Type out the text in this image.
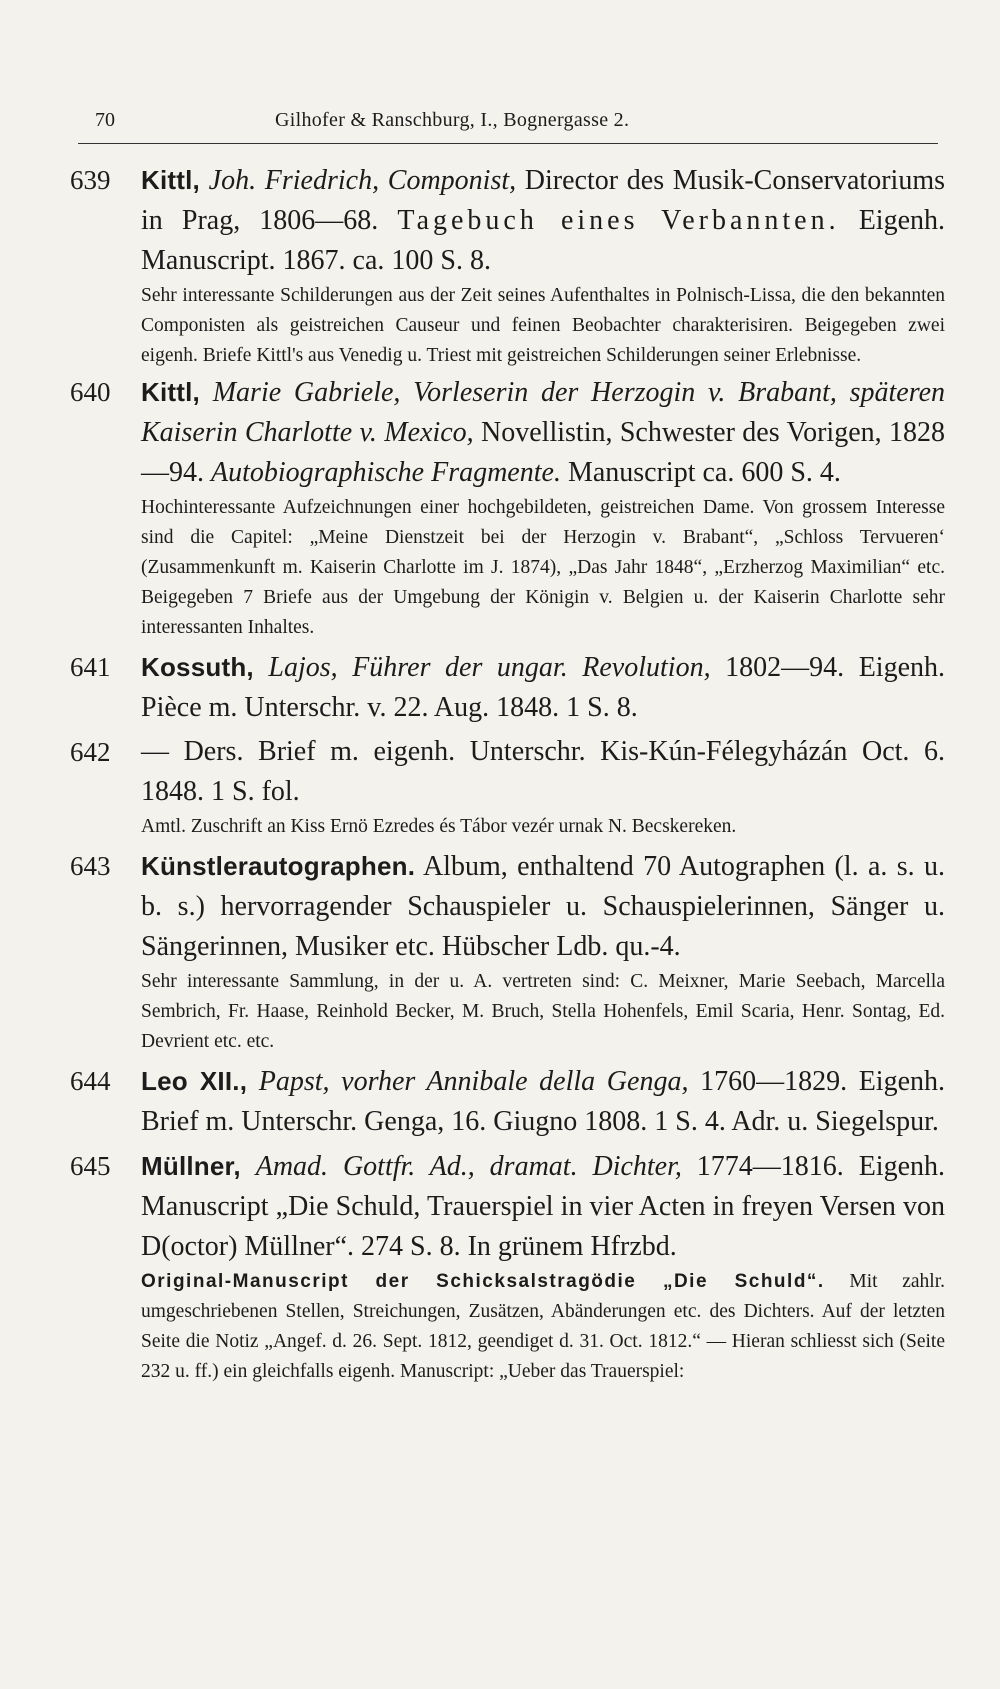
70	Gilhofer & Ranschburg, I., Bognergasse 2.
639	Kittl, Joh. Friedrich, Componist, Director des Musik-Conservatoriums in Prag, 1806—68. Tagebuch eines Verbannten. Eigenh. Manuscript. 1867. ca. 100 S. 8.
Sehr interessante Schilderungen aus der Zeit seines Aufenthaltes in Polnisch-Lissa, die den bekannten Componisten als geistreichen Causeur und feinen Beobachter charakterisiren. Beigegeben zwei eigenh. Briefe Kittl's aus Venedig u. Triest mit geistreichen Schilderungen seiner Erlebnisse.
640	Kittl, Marie Gabriele, Vorleserin der Herzogin v. Brabant, späteren Kaiserin Charlotte v. Mexico, Novellistin, Schwester des Vorigen, 1828—94. Autobiographische Fragmente. Manuscript ca. 600 S. 4.
Hochinteressante Aufzeichnungen einer hochgebildeten, geistreichen Dame. Von grossem Interesse sind die Capitel: „Meine Dienstzeit bei der Herzogin v. Brabant“, „Schloss Tervueren‘ (Zusammenkunft m. Kaiserin Charlotte im J. 1874), „Das Jahr 1848“, „Erzherzog Maximilian“ etc. Beigegeben 7 Briefe aus der Umgebung der Königin v. Belgien u. der Kaiserin Charlotte sehr interessanten Inhaltes.
641	Kossuth, Lajos, Führer der ungar. Revolution, 1802—94. Eigenh. Pièce m. Unterschr. v. 22. Aug. 1848. 1 S. 8.
642	— Ders. Brief m. eigenh. Unterschr. Kis-Kún-Félegyházán Oct. 6. 1848. 1 S. fol.
Amtl. Zuschrift an Kiss Ernö Ezredes és Tábor vezér urnak N. Becskereken.
643	Künstlerautographen. Album, enthaltend 70 Autographen (l. a. s. u. b. s.) hervorragender Schauspieler u. Schauspielerinnen, Sänger u. Sängerinnen, Musiker etc. Hübscher Ldb. qu.-4.
Sehr interessante Sammlung, in der u. A. vertreten sind: C. Meixner, Marie Seebach, Marcella Sembrich, Fr. Haase, Reinhold Becker, M. Bruch, Stella Hohenfels, Emil Scaria, Henr. Sontag, Ed. Devrient etc. etc.
644	Leo XII., Papst, vorher Annibale della Genga, 1760—1829. Eigenh. Brief m. Unterschr. Genga, 16. Giugno 1808. 1 S. 4. Adr. u. Siegelspur.
645	Müllner, Amad. Gottfr. Ad., dramat. Dichter, 1774—1816. Eigenh. Manuscript „Die Schuld, Trauerspiel in vier Acten in freyen Versen von D(octor) Müllner“. 274 S. 8. In grünem Hfrzbd.
Original-Manuscript der Schicksalstragödie „Die Schuld“. Mit zahlr. umgeschriebenen Stellen, Streichungen, Zusätzen, Abänderungen etc. des Dichters. Auf der letzten Seite die Notiz „Angef. d. 26. Sept. 1812, geendiget d. 31. Oct. 1812.“ — Hieran schliesst sich (Seite 232 u. ff.) ein gleichfalls eigenh. Manuscript: „Ueber das Trauerspiel:
